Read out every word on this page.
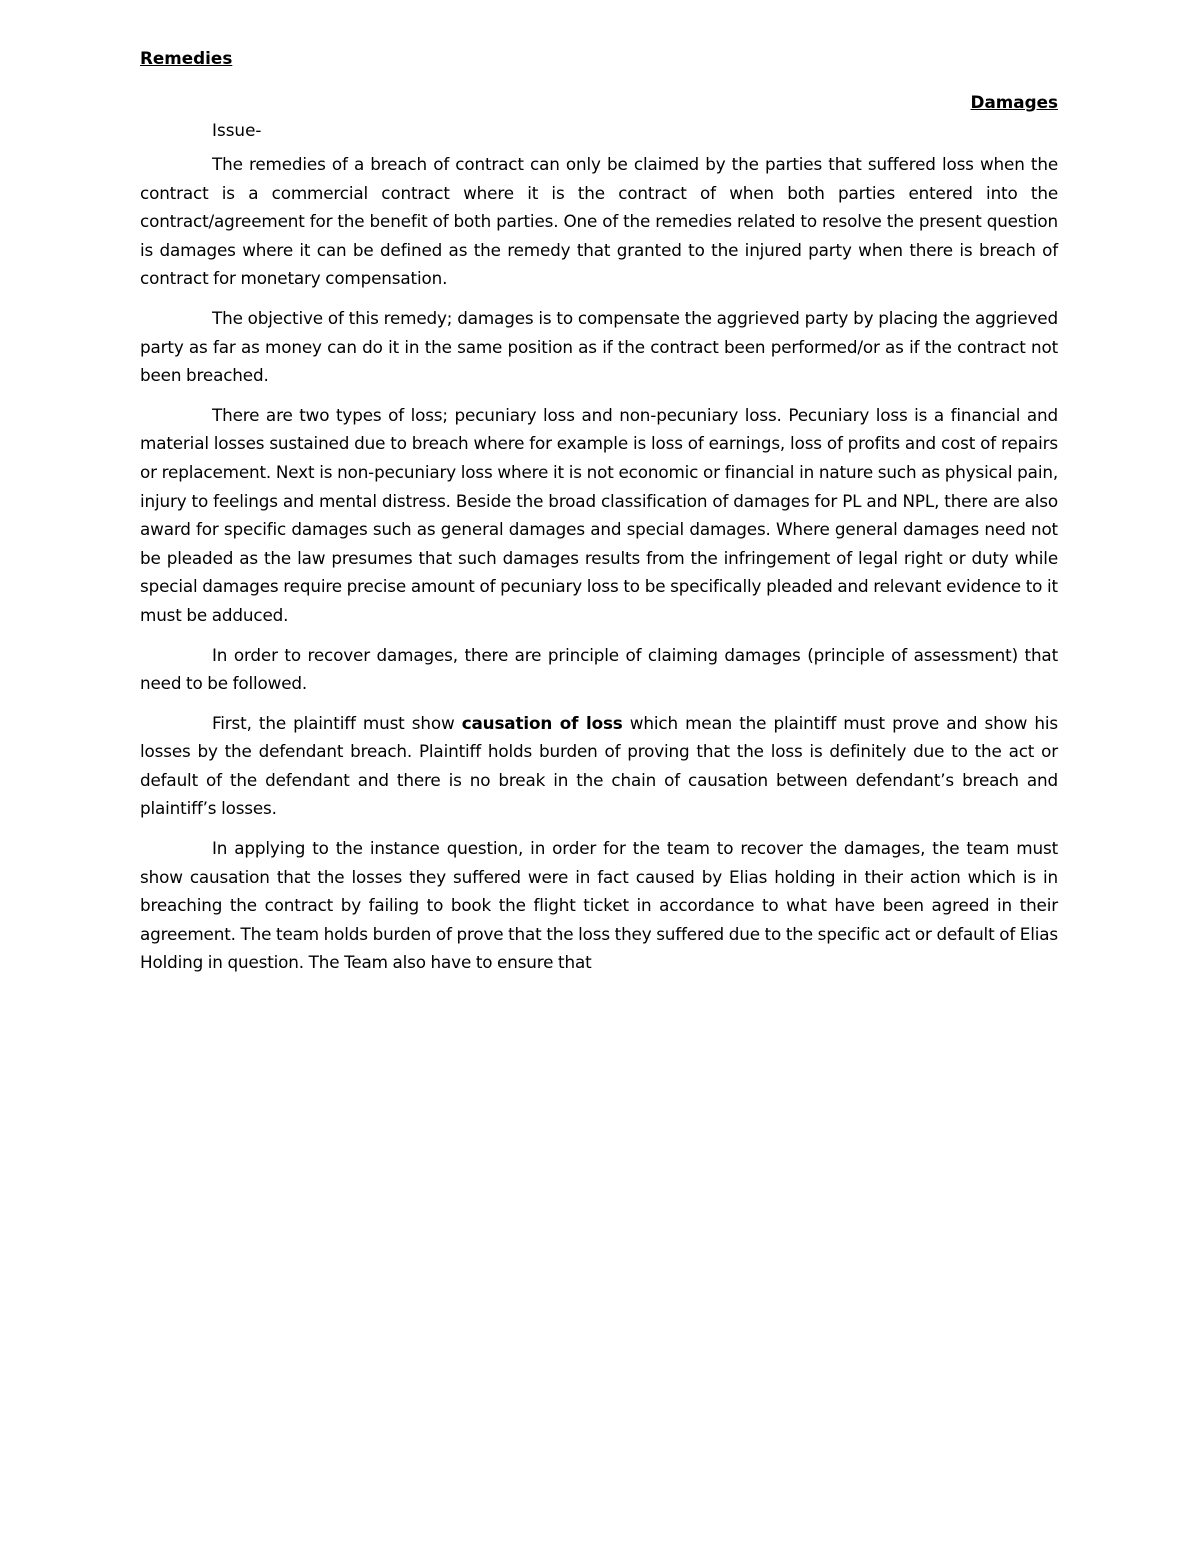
Remedies
Damages
Issue-

The remedies of a breach of contract can only be claimed by the parties that suffered loss when the contract is a commercial contract where it is the contract of when both parties entered into the contract/agreement for the benefit of both parties. One of the remedies related to resolve the present question is damages where it can be defined as the remedy that granted to the injured party when there is breach of contract for monetary compensation.

The objective of this remedy; damages is to compensate the aggrieved party by placing the aggrieved party as far as money can do it in the same position as if the contract been performed/or as if the contract not been breached.

There are two types of loss; pecuniary loss and non-pecuniary loss. Pecuniary loss is a financial and material losses sustained due to breach where for example is loss of earnings, loss of profits and cost of repairs or replacement. Next is non-pecuniary loss where it is not economic or financial in nature such as physical pain, injury to feelings and mental distress. Beside the broad classification of damages for PL and NPL, there are also award for specific damages such as general damages and special damages. Where general damages need not be pleaded as the law presumes that such damages results from the infringement of legal right or duty while special damages require precise amount of pecuniary loss to be specifically pleaded and relevant evidence to it must be adduced.

In order to recover damages, there are principle of claiming damages (principle of assessment) that need to be followed.

First, the plaintiff must show causation of loss which mean the plaintiff must prove and show his losses by the defendant breach. Plaintiff holds burden of proving that the loss is definitely due to the act or default of the defendant and there is no break in the chain of causation between defendant’s breach and plaintiff’s losses.

In applying to the instance question, in order for the team to recover the damages, the team must show causation that the losses they suffered were in fact caused by Elias holding in their action which is in breaching the contract by failing to book the flight ticket in accordance to what have been agreed in their agreement. The team holds burden of prove that the loss they suffered due to the specific act or default of Elias Holding in question. The Team also have to ensure that
